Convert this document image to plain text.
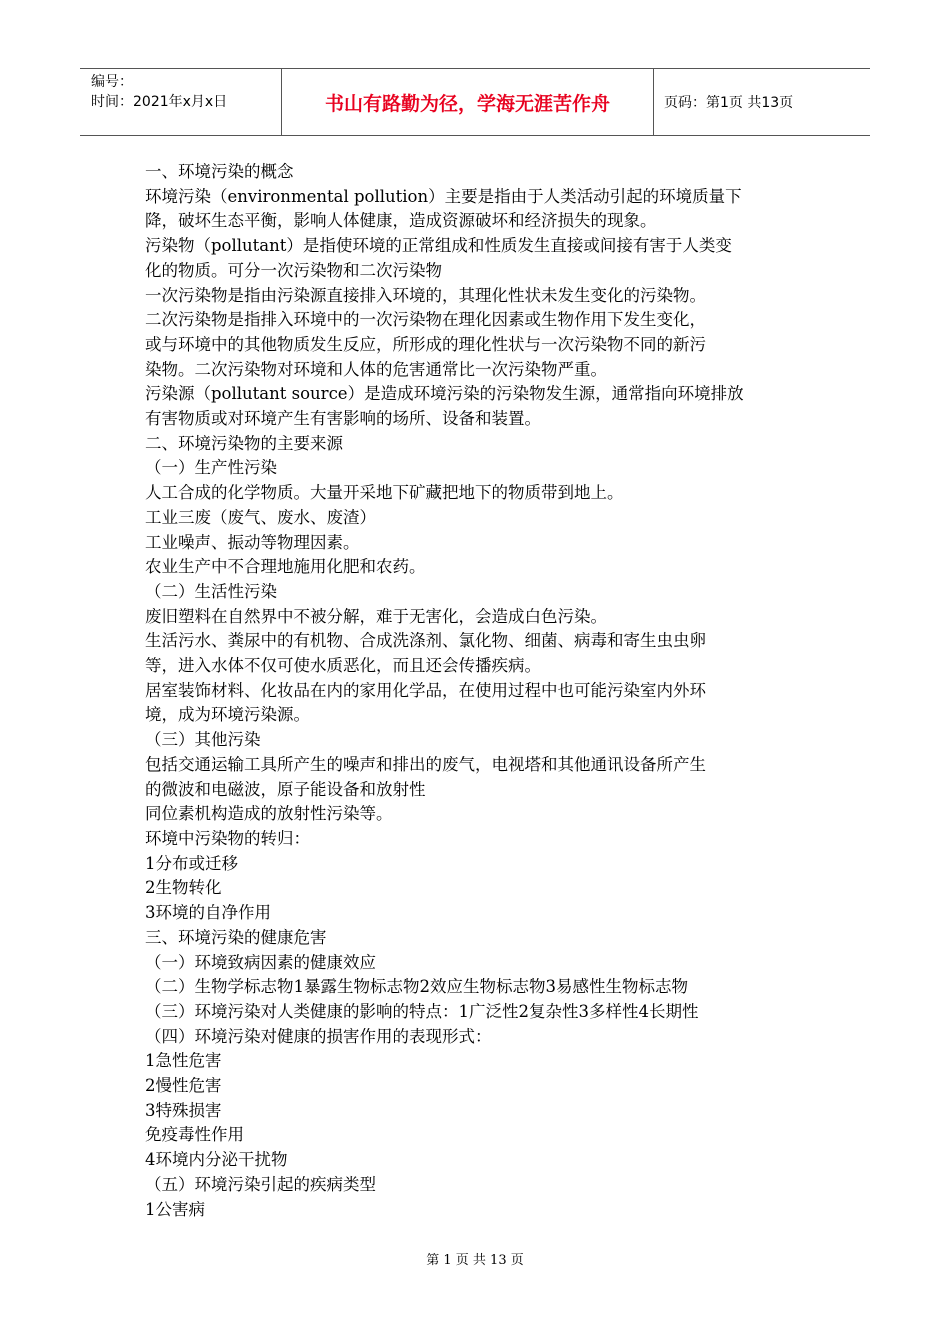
编号：
时间：2021年x月x日	书山有路勤为径，学海无涯苦作舟	页码：第1页 共13页
一、环境污染的概念
环境污染（environmental pollution）主要是指由于人类活动引起的环境质量下
降，破坏生态平衡，影响人体健康，造成资源破坏和经济损失的现象。
污染物（pollutant）是指使环境的正常组成和性质发生直接或间接有害于人类变
化的物质。可分一次污染物和二次污染物
一次污染物是指由污染源直接排入环境的，其理化性状未发生变化的污染物。
二次污染物是指排入环境中的一次污染物在理化因素或生物作用下发生变化，
或与环境中的其他物质发生反应，所形成的理化性状与一次污染物不同的新污
染物。二次污染物对环境和人体的危害通常比一次污染物严重。
污染源（pollutant source）是造成环境污染的污染物发生源，通常指向环境排放
有害物质或对环境产生有害影响的场所、设备和装置。
二、环境污染物的主要来源
（一）生产性污染
人工合成的化学物质。大量开采地下矿藏把地下的物质带到地上。
工业三废（废气、废水、废渣）
工业噪声、振动等物理因素。
农业生产中不合理地施用化肥和农药。
（二）生活性污染
废旧塑料在自然界中不被分解，难于无害化，会造成白色污染。
生活污水、粪尿中的有机物、合成洗涤剂、氯化物、细菌、病毒和寄生虫虫卵
等，进入水体不仅可使水质恶化，而且还会传播疾病。
居室装饰材料、化妆品在内的家用化学品，在使用过程中也可能污染室内外环
境，成为环境污染源。
（三）其他污染
包括交通运输工具所产生的噪声和排出的废气，电视塔和其他通讯设备所产生
的微波和电磁波，原子能设备和放射性
同位素机构造成的放射性污染等。
环境中污染物的转归：
1分布或迁移
2生物转化
3环境的自净作用
三、环境污染的健康危害
（一）环境致病因素的健康效应
（二）生物学标志物1暴露生物标志物2效应生物标志物3易感性生物标志物
（三）环境污染对人类健康的影响的特点：1广泛性2复杂性3多样性4长期性
（四）环境污染对健康的损害作用的表现形式：
1急性危害
2慢性危害
3特殊损害
免疫毒性作用
4环境内分泌干扰物
（五）环境污染引起的疾病类型
1公害病
第 1 页 共 13 页
